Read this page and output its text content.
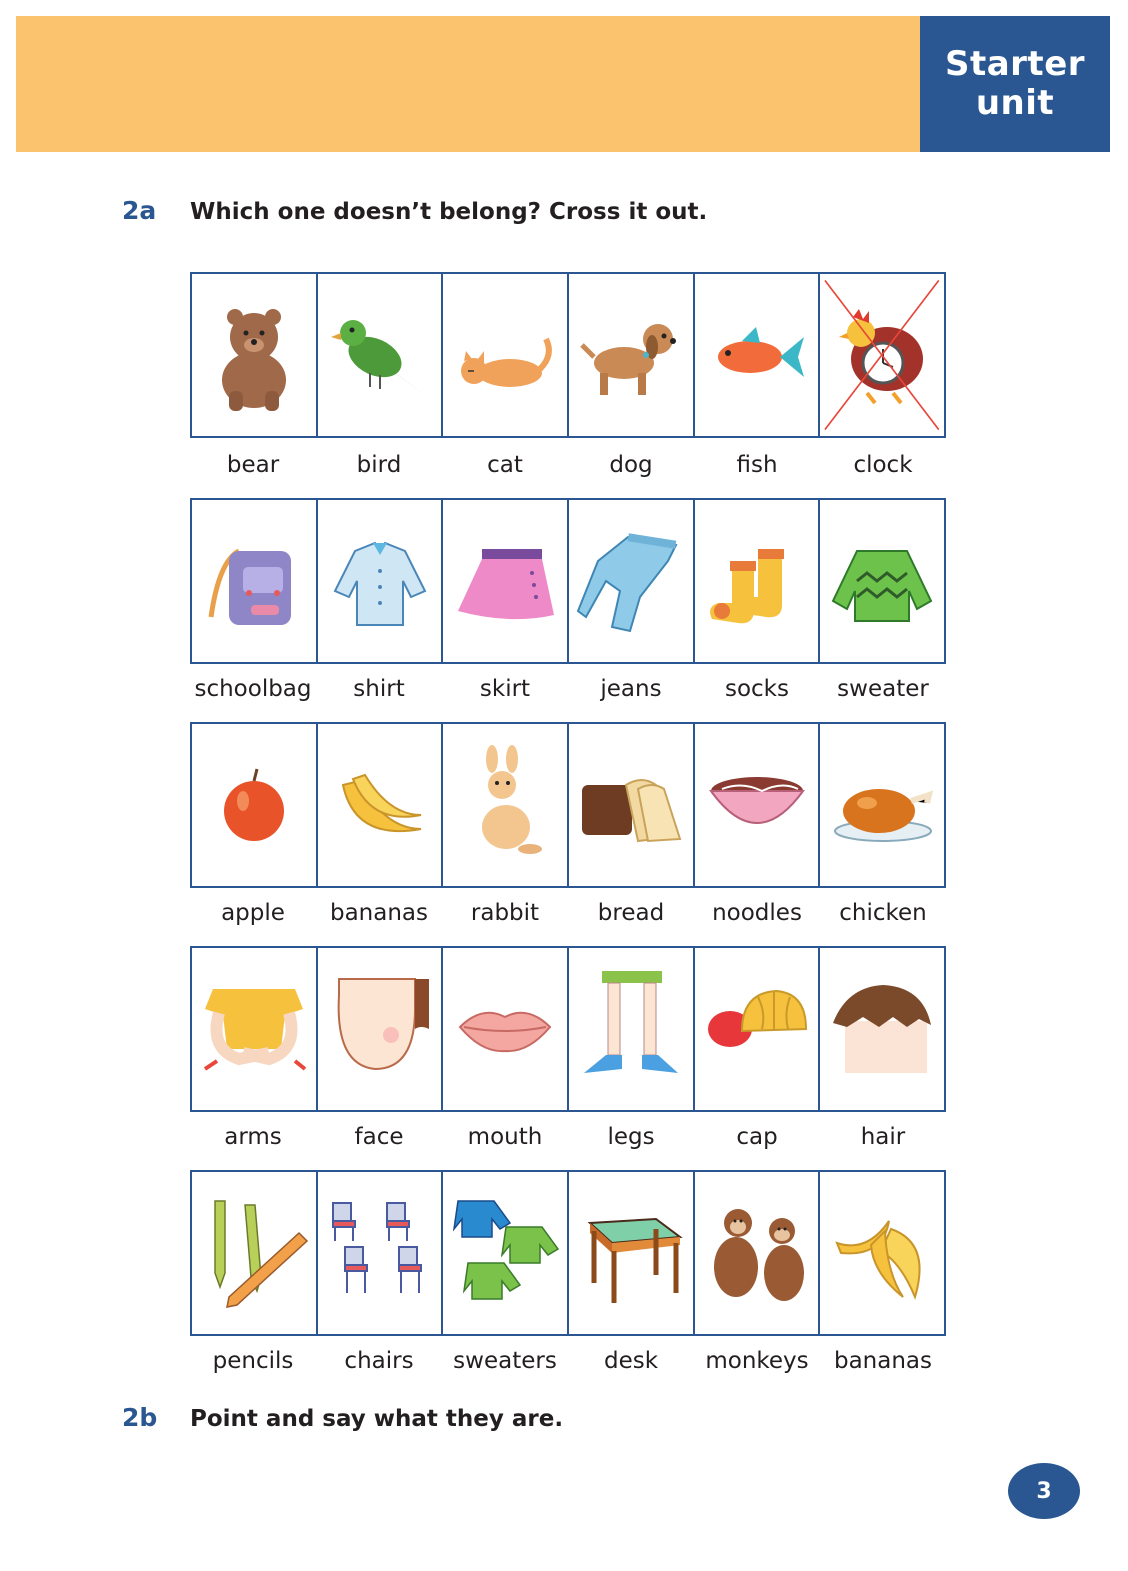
Starter
unit
2a	Which one doesn’t belong? Cross it out.
bear	bird	cat	dog	fish	clock
schoolbag	shirt	skirt	jeans	socks	sweater
apple	bananas	rabbit	bread	noodles	chicken
arms	face	mouth	legs	cap	hair
pencils	chairs	sweaters	desk	monkeys	bananas
2b	Point and say what they are.
3
